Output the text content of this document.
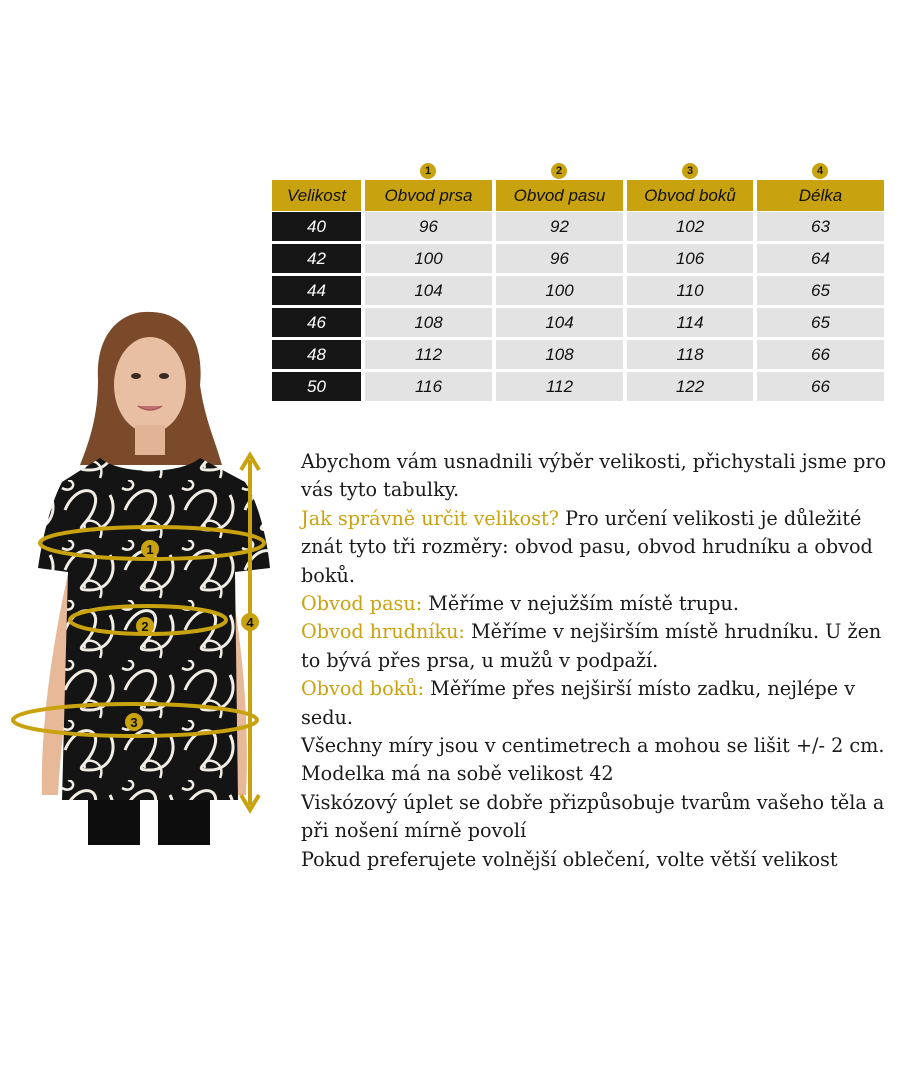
1	2	3	4
Velikost	Obvod prsa	Obvod pasu	Obvod boků	Délka
40	96	92	102	63
42	100	96	106	64
44	104	100	110	65
46	108	104	114	65
48	112	108	118	66
50	116	112	122	66
1
2
3
4

Abychom vám usnadnili výběr velikosti, přichystali jsme pro vás tyto tabulky.

Jak správně určit velikost? Pro určení velikosti je důležité znát tyto tři rozměry: obvod pasu, obvod hrudníku a obvod boků.

Obvod pasu: Měříme v nejužším místě trupu.

Obvod hrudníku: Měříme v nejširším místě hrudníku. U žen to bývá přes prsa, u mužů v podpaží.

Obvod boků: Měříme přes nejširší místo zadku, nejlépe v sedu.

Všechny míry jsou v centimetrech a mohou se lišit +/- 2 cm.

Modelka má na sobě velikost 42

Viskózový úplet se dobře přizpůsobuje tvarům vašeho těla a při nošení mírně povolí

Pokud preferujete volnější oblečení, volte větší velikost
